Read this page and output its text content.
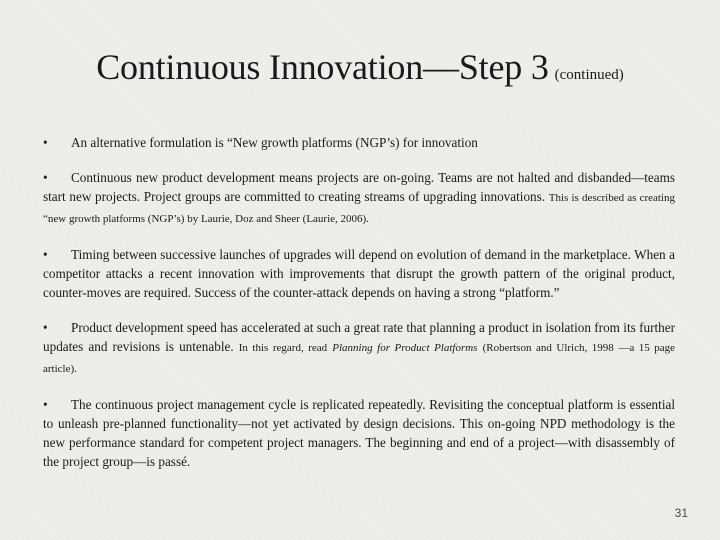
Continuous Innovation—Step 3 (continued)

• An alternative formulation is “New growth platforms (NGP’s) for innovation

• Continuous new product development means projects are on-going. Teams are not halted and disbanded—teams start new projects. Project groups are committed to creating streams of upgrading innovations. This is described as creating “new growth platforms (NGP’s) by Laurie, Doz and Sheer (Laurie, 2006).

• Timing between successive launches of upgrades will depend on evolution of demand in the marketplace. When a competitor attacks a recent innovation with improvements that disrupt the growth pattern of the original product, counter-moves are required. Success of the counter-attack depends on having a strong “platform.”

• Product development speed has accelerated at such a great rate that planning a product in isolation from its further updates and revisions is untenable. In this regard, read Planning for Product Platforms (Robertson and Ulrich, 1998 —a 15 page article).

• The continuous project management cycle is replicated repeatedly. Revisiting the conceptual platform is essential to unleash pre-planned functionality—not yet activated by design decisions. This on-going NPD methodology is the new performance standard for competent project managers. The beginning and end of a project—with disassembly of the project group—is passé.

31
